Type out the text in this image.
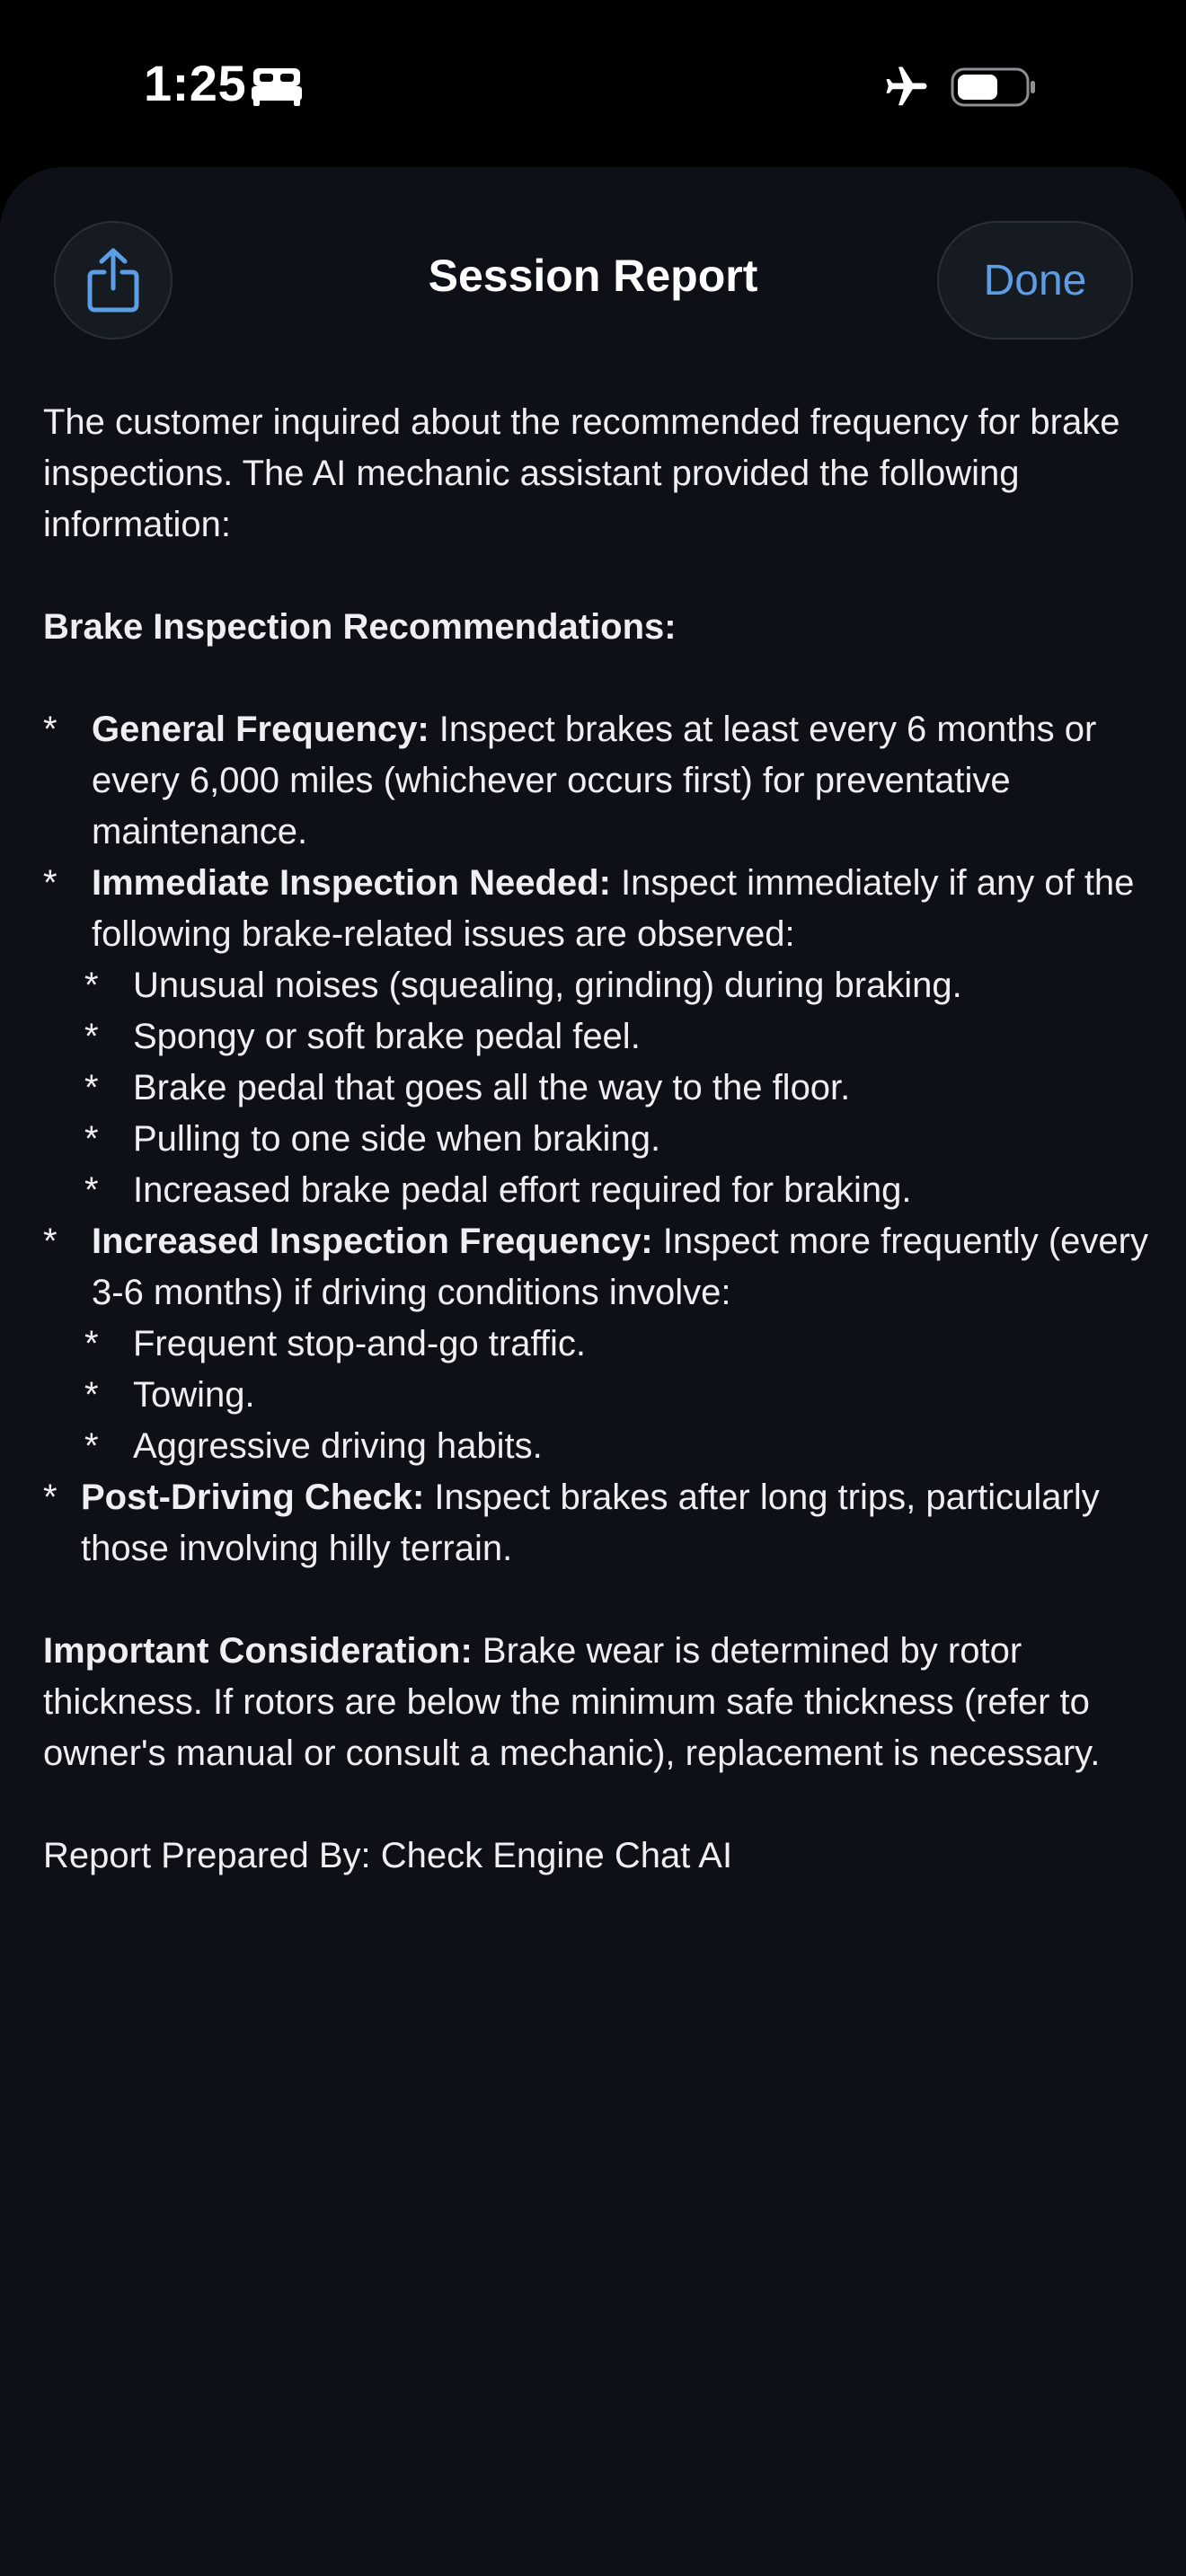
1:25
Session Report	Done

The customer inquired about the recommended frequency for brake inspections. The AI mechanic assistant provided the following information:

Brake Inspection Recommendations:

* General Frequency: Inspect brakes at least every 6 months or every 6,000 miles (whichever occurs first) for preventative maintenance.
* Immediate Inspection Needed: Inspect immediately if any of the following brake-related issues are observed:
* Unusual noises (squealing, grinding) during braking.
* Spongy or soft brake pedal feel.
* Brake pedal that goes all the way to the floor.
* Pulling to one side when braking.
* Increased brake pedal effort required for braking.
* Increased Inspection Frequency: Inspect more frequently (every 3-6 months) if driving conditions involve:
* Frequent stop-and-go traffic.
* Towing.
* Aggressive driving habits.
* Post-Driving Check: Inspect brakes after long trips, particularly those involving hilly terrain.

Important Consideration: Brake wear is determined by rotor thickness. If rotors are below the minimum safe thickness (refer to owner's manual or consult a mechanic), replacement is necessary.

Report Prepared By: Check Engine Chat AI
